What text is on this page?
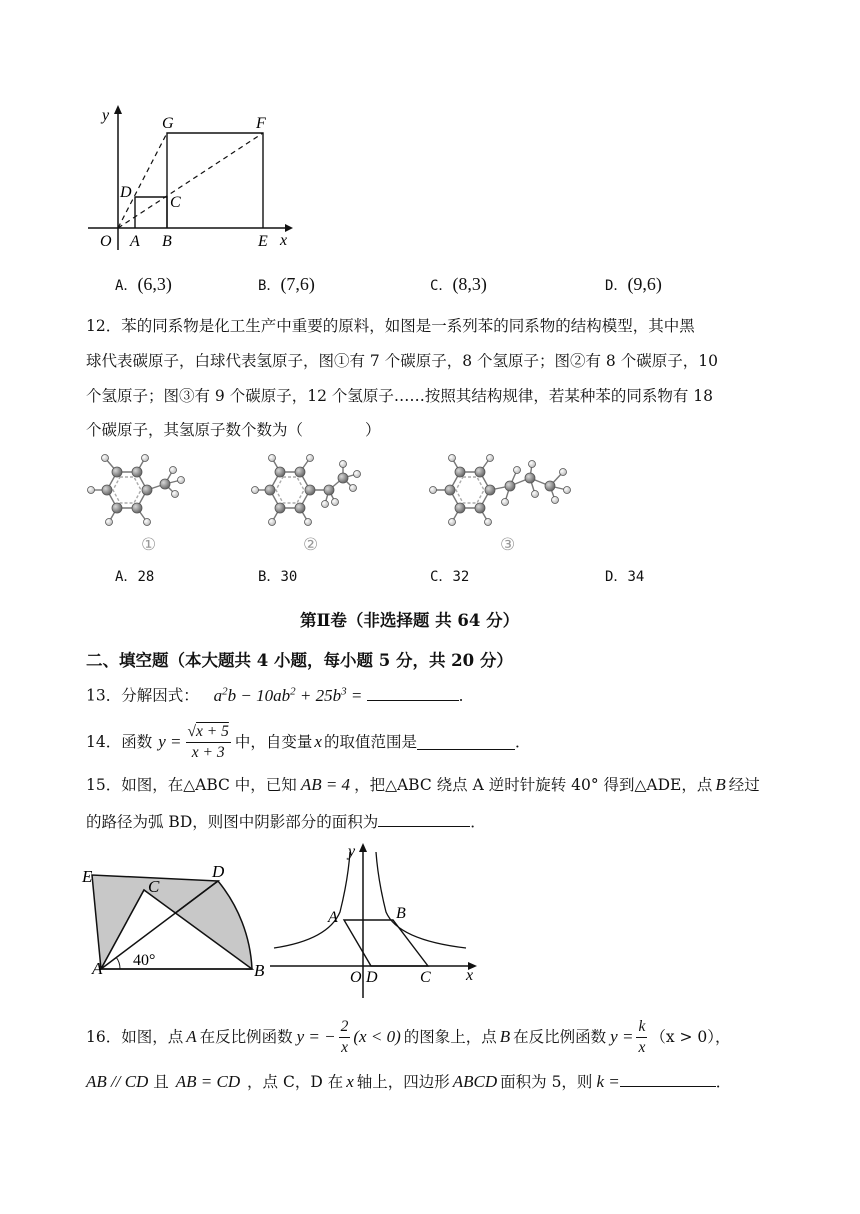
y
x
G	F
D
C
O A B	E
A．(6,3)	B．(7,6)	C．(8,3)	D．(9,6)
12．苯的同系物是化工生产中重要的原料，如图是一系列苯的同系物的结构模型，其中黑
球代表碳原子，白球代表氢原子，图①有 7 个碳原子，8 个氢原子；图②有 8 个碳原子，10
个氢原子；图③有 9 个碳原子，12 个氢原子……按照其结构规律，若某种苯的同系物有 18
个碳原子，其氢原子数个数为（　　　　）
①	②	③
A．28	B．30	C．32	D．34
第Ⅱ卷（非选择题 共 64 分）
二、填空题（本大题共 4 小题，每小题 5 分，共 20 分）
13．分解因式： $a^2b - 10ab^2 + 25b^3$ =	．
14．函数 $y = \frac{√x + 5}{x + 3}$ 中，自变量 x 的取值范围是	．
15．如图，在△ABC 中，已知 AB = 4 ，把△ABC 绕点 A 逆时针旋转 40° 得到△ADE，点 B 经过
的路径为弧 BD，则图中阴影部分的面积为	．
E
C
D
A	B
40°
y
x
A	B
O D	C
16．如图，点 A 在反比例函数 y = − $\frac{2}{x} (x < 0)$ 的图象上，点 B 在反比例函数 $y = \frac{k}{x} (x > 0)$，
AB // CD 且 AB = CD ，点 C，D 在 x 轴上，四边形 ABCD 面积为 5，则 k =	．
